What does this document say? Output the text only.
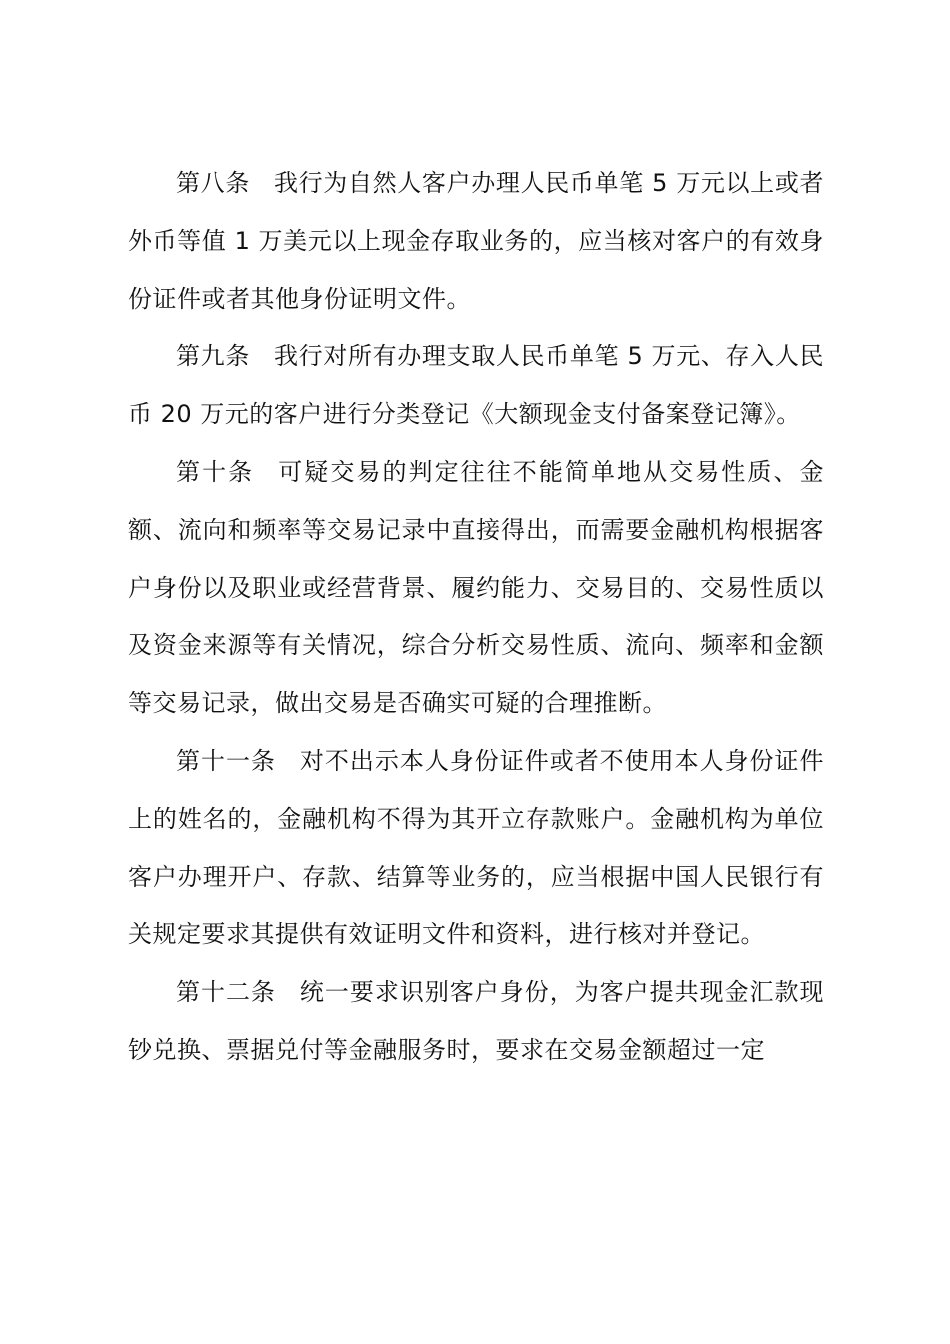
第八条 我行为自然人客户办理人民币单笔 5 万元以上或者外币等值 1 万美元以上现金存取业务的，应当核对客户的有效身份证件或者其他身份证明文件。

第九条 我行对所有办理支取人民币单笔 5 万元、存入人民币 20 万元的客户进行分类登记《大额现金支付备案登记簿》。

第十条 可疑交易的判定往往不能简单地从交易性质、金额、流向和频率等交易记录中直接得出，而需要金融机构根据客户身份以及职业或经营背景、履约能力、交易目的、交易性质以及资金来源等有关情况，综合分析交易性质、流向、频率和金额等交易记录，做出交易是否确实可疑的合理推断。

第十一条 对不出示本人身份证件或者不使用本人身份证件上的姓名的，金融机构不得为其开立存款账户。金融机构为单位客户办理开户、存款、结算等业务的，应当根据中国人民银行有关规定要求其提供有效证明文件和资料，进行核对并登记。

第十二条 统一要求识别客户身份，为客户提共现金汇款现钞兑换、票据兑付等金融服务时，要求在交易金额超过一定
